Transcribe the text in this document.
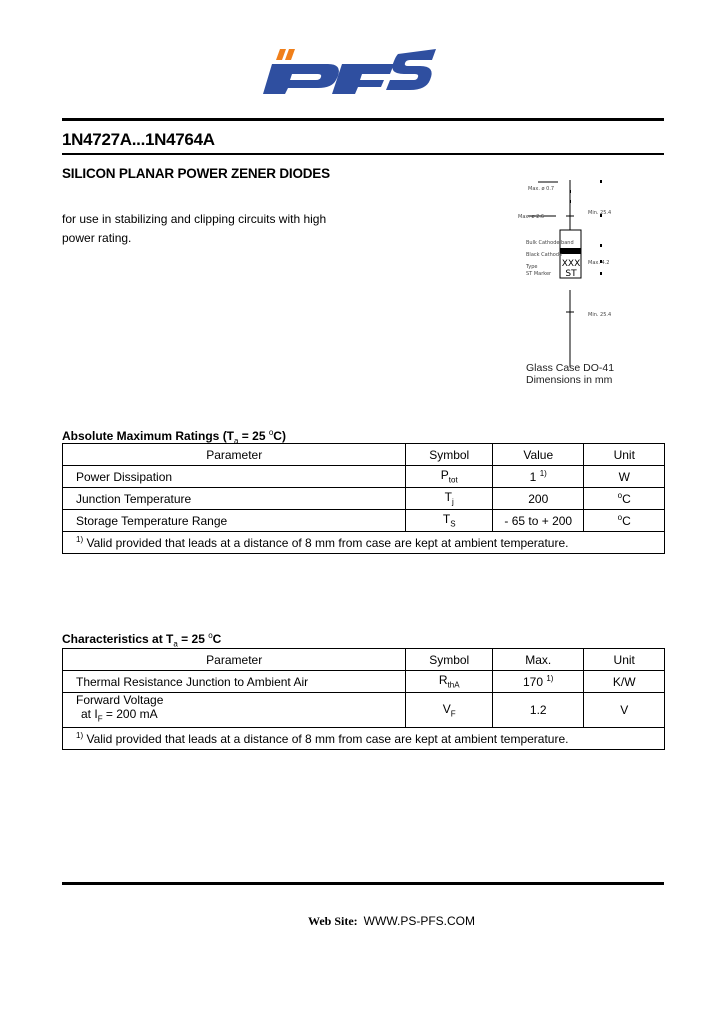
1N4727A...1N4764A
SILICON PLANAR POWER ZENER DIODES
for use in stabilizing and clipping circuits with high power rating.
Max. ø 0.7
Max. ø 2.6
Min. 25.4
Max. 4.2
Min. 25.4
Bulk Cathode band
Black Cathode
Type
ST Marker
XXX
ST
Glass Case DO-41
Dimensions in mm
Absolute Maximum Ratings ($T_a = 25$ $^o$C)
Parameter	Symbol	Value	Unit
Power Dissipation	$P_{tot}$	1 $^{1)}$	W
Junction Temperature	$T_j$	200	$^o$C
Storage Temperature Range	$T_S$	- 65 to + 200	$^o$C
$^{1)}$ Valid provided that leads at a distance of 8 mm from case are kept at ambient temperature.			
Characteristics at $T_a = 25$ $^o$C
Parameter	Symbol	Max.	Unit
Thermal Resistance Junction to Ambient Air	$R_{thA}$	170 $^{1)}$	K/W

Forward Voltage
at $I_F = 200$ mA	$V_F$	1.2	V
$^{1)}$ Valid provided that leads at a distance of 8 mm from case are kept at ambient temperature.			
Web Site: WWW.PS-PFS.COM
